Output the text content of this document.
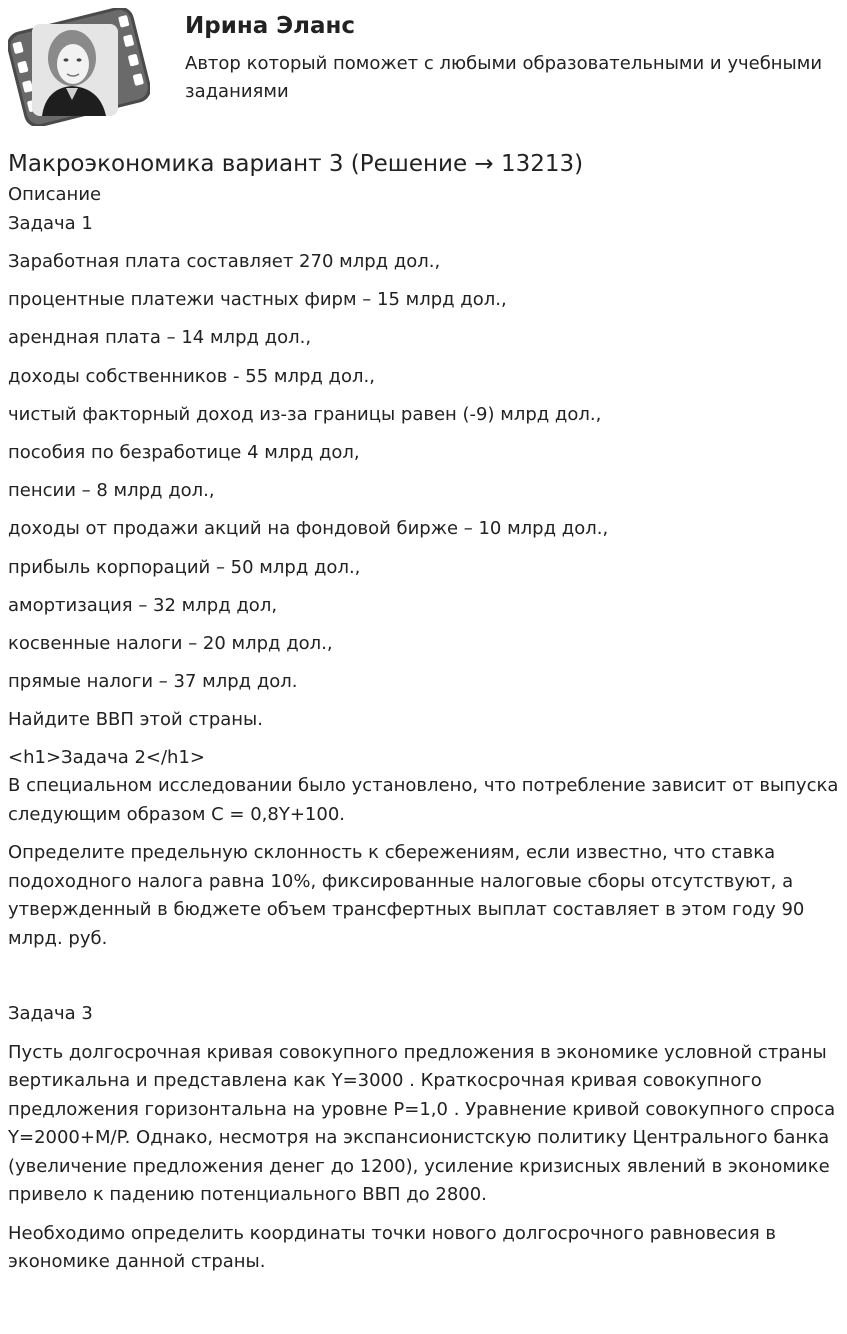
Ирина Эланс
Автор который поможет с любыми образовательными и учебными заданиями
Макроэкономика вариант 3 (Решение → 13213)
Описание
Задача 1

Заработная плата составляет 270 млрд дол.,

процентные платежи частных фирм – 15 млрд дол.,

арендная плата – 14 млрд дол.,

доходы собственников - 55 млрд дол.,

чистый факторный доход из-за границы равен (-9) млрд дол.,

пособия по безработице 4 млрд дол,

пенсии – 8 млрд дол.,

доходы от продажи акций на фондовой бирже – 10 млрд дол.,

прибыль корпораций – 50 млрд дол.,

амортизация – 32 млрд дол,

косвенные налоги – 20 млрд дол.,

прямые налоги – 37 млрд дол.

Найдите ВВП этой страны.

<h1>Задача 2</h1>

В специальном исследовании было установлено, что потребление зависит от выпуска следующим образом С = 0,8Y+100.

Определите предельную склонность к сбережениям, если известно, что ставка подоходного налога равна 10%, фиксированные налоговые сборы отсутствуют, а утвержденный в бюджете объем трансфертных выплат составляет в этом году 90 млрд. руб.

Задача 3

Пусть долгосрочная кривая совокупного предложения в экономике условной страны вертикальна и представлена как Y=3000 . Краткосрочная кривая совокупного предложения горизонтальна на уровне P=1,0 . Уравнение кривой совокупного спроса Y=2000+M/P. Однако, несмотря на экспансионистскую политику Центрального банка (увеличение предложения денег до 1200), усиление кризисных явлений в экономике привело к падению потенциального ВВП до 2800.

Необходимо определить координаты точки нового долгосрочного равновесия в экономике данной страны.
